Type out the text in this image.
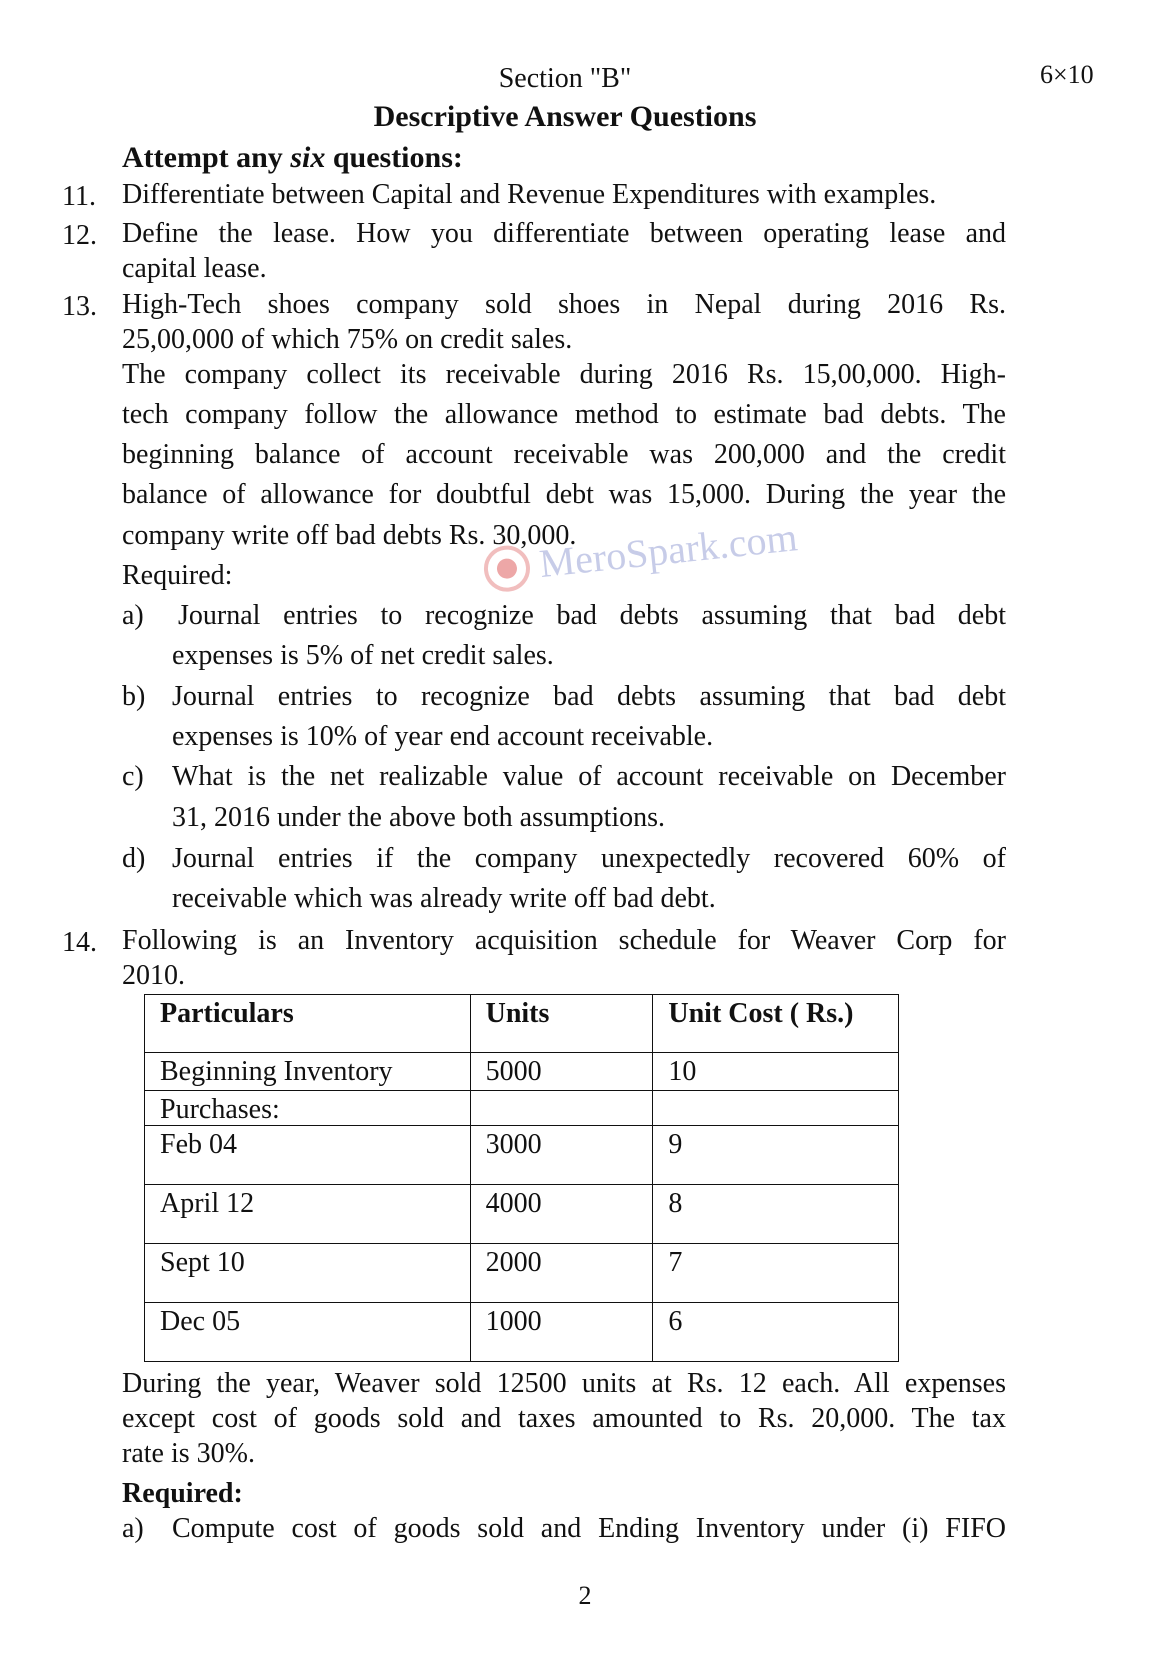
Section "B"	6×10
Descriptive Answer Questions
Attempt any six questions:
11. Differentiate between Capital and Revenue Expenditures with examples.
12. Define the lease. How you differentiate between operating lease and
capital lease.
13. High-Tech shoes company sold shoes in Nepal during 2016 Rs.
25,00,000 of which 75% on credit sales.
The company collect its receivable during 2016 Rs. 15,00,000. High-
tech company follow the allowance method to estimate bad debts. The
beginning balance of account receivable was 200,000 and the credit
balance of allowance for doubtful debt was 15,000. During the year the
company write off bad debts Rs. 30,000.
Required:
a) Journal entries to recognize bad debts assuming that bad debt
expenses is 5% of net credit sales.
b) Journal entries to recognize bad debts assuming that bad debt
expenses is 10% of year end account receivable.
c) What is the net realizable value of account receivable on December
31, 2016 under the above both assumptions.
d) Journal entries if the company unexpectedly recovered 60% of
receivable which was already write off bad debt.
MeroSpark.com
14. Following is an Inventory acquisition schedule for Weaver Corp for
2010.
Particulars	Units	Unit Cost ( Rs.)
Beginning Inventory	5000	10
Purchases:		
Feb 04	3000	9
April 12	4000	8
Sept 10	2000	7
Dec 05	1000	6
During the year, Weaver sold 12500 units at Rs. 12 each. All expenses
except cost of goods sold and taxes amounted to Rs. 20,000. The tax
rate is 30%.
Required:
a) Compute cost of goods sold and Ending Inventory under (i) FIFO
2
